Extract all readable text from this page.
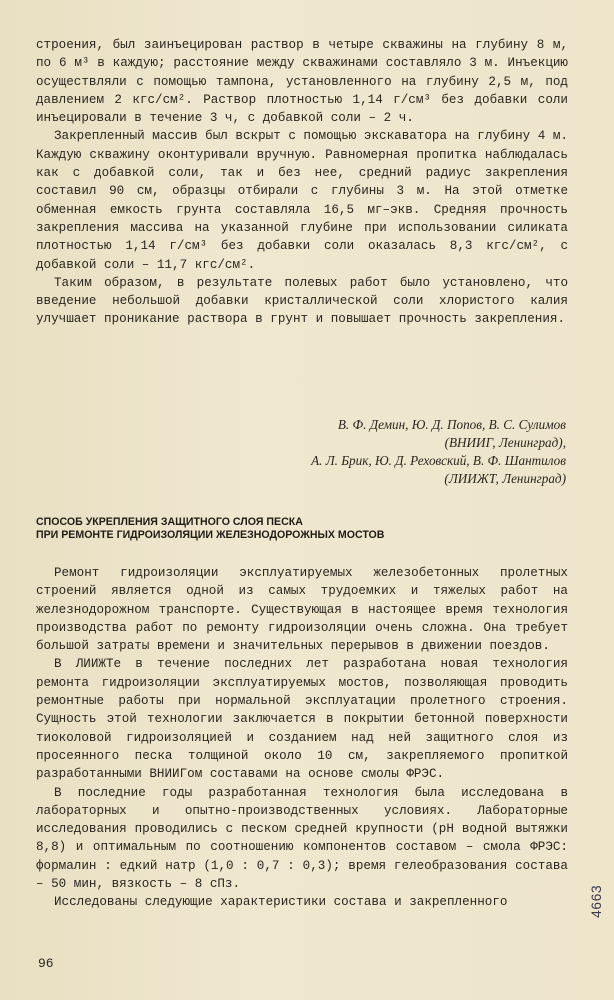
строения, был заинъецирован раствор в четыре скважины на глубину 8 м, по 6 м³ в каждую; расстояние между скважинами составляло 3 м. Инъекцию осуществляли с помощью тампона, установленного на глубину 2,5 м, под давлением 2 кгс/см². Раствор плотностью 1,14 г/см³ без добавки соли инъецировали в течение 3 ч, с добавкой соли – 2 ч.

Закрепленный массив был вскрыт с помощью экскаватора на глубину 4 м. Каждую скважину оконтуривали вручную. Равномерная пропитка наблюдалась как с добавкой соли, так и без нее, средний радиус закрепления составил 90 см, образцы отбирали с глубины 3 м. На этой отметке обменная емкость грунта составляла 16,5 мг–экв. Средняя прочность закрепления массива на указанной глубине при использовании силиката плотностью 1,14 г/см³ без добавки соли оказалась 8,3 кгс/см², с добавкой соли – 11,7 кгс/см².

Таким образом, в результате полевых работ было установлено, что введение небольшой добавки кристаллической соли хлористого калия улучшает проникание раствора в грунт и повышает прочность закрепления.

В. Ф. Демин, Ю. Д. Попов, В. С. Сулимов
(ВНИИГ, Ленинград),
А. Л. Брик, Ю. Д. Реховский, В. Ф. Шантилов
(ЛИИЖТ, Ленинград)
СПОСОБ УКРЕПЛЕНИЯ ЗАЩИТНОГО СЛОЯ ПЕСКА
ПРИ РЕМОНТЕ ГИДРОИЗОЛЯЦИИ ЖЕЛЕЗНОДОРОЖНЫХ МОСТОВ

Ремонт гидроизоляции эксплуатируемых железобетонных пролетных строений является одной из самых трудоемких и тяжелых работ на железнодорожном транспорте. Существующая в настоящее время технология производства работ по ремонту гидроизоляции очень сложна. Она требует большой затраты времени и значительных перерывов в движении поездов.

В ЛИИЖТе в течение последних лет разработана новая технология ремонта гидроизоляции эксплуатируемых мостов, позволяющая проводить ремонтные работы при нормальной эксплуатации пролетного строения. Сущность этой технологии заключается в покрытии бетонной поверхности тиоколовой гидроизоляцией и созданием над ней защитного слоя из просеянного песка толщиной около 10 см, закрепляемого пропиткой разработанными ВНИИГом составами на основе смолы ФРЭС.

В последние годы разработанная технология была исследована в лабораторных и опытно-производственных условиях. Лабораторные исследования проводились с песком средней крупности (pH водной вытяжки 8,8) и оптимальным по соотношению компонентов составом – смола ФРЭС: формалин : едкий натр (1,0 : 0,7 : 0,3); время гелеобразования состава – 50 мин, вязкость – 8 сПз.

Исследованы следующие характеристики состава и закрепленного

96
4663
